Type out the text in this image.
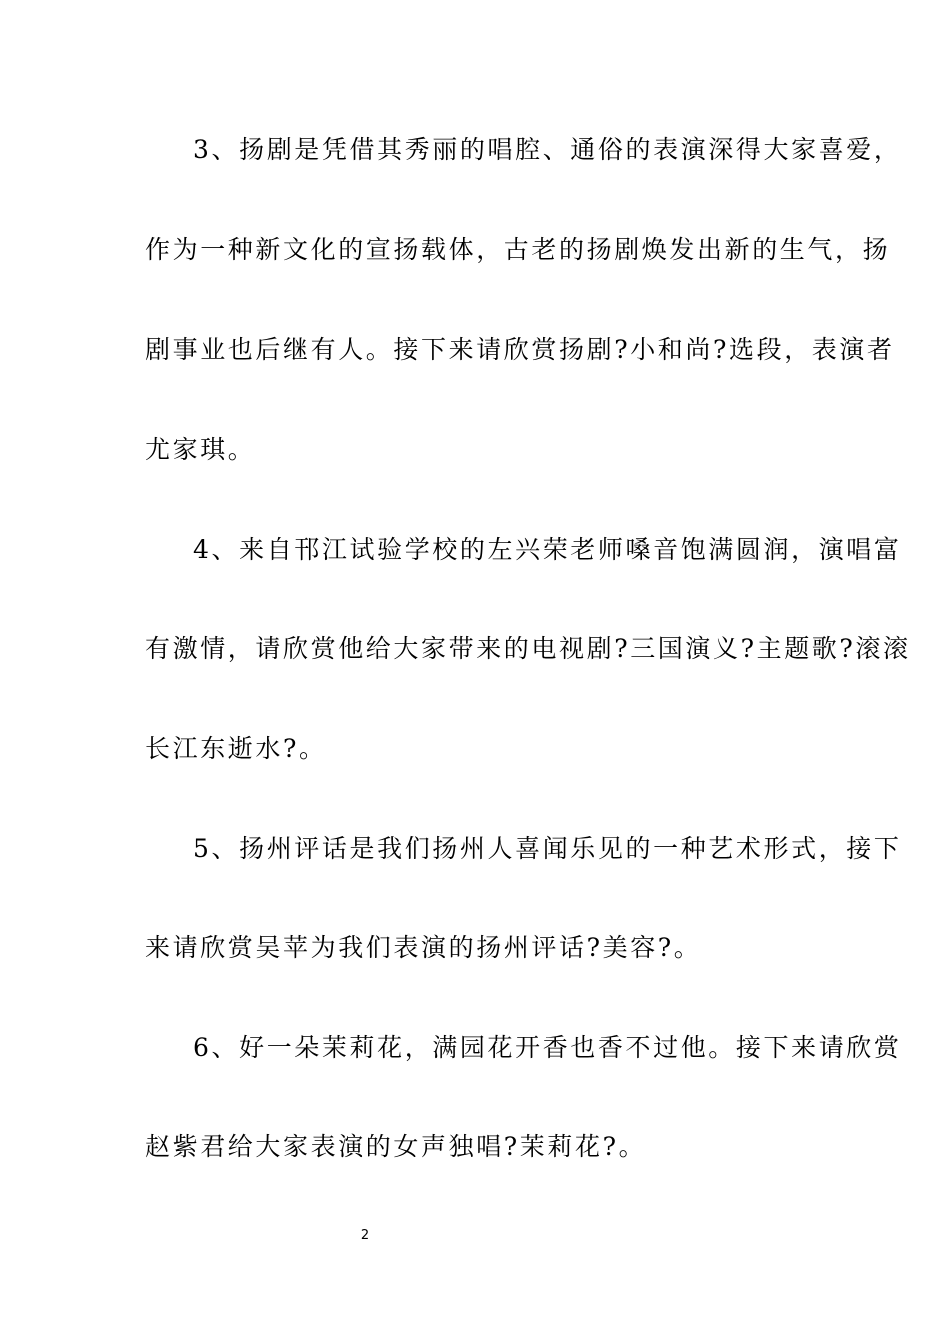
3、扬剧是凭借其秀丽的唱腔、通俗的表演深得大家喜爱，
作为一种新文化的宣扬载体，古老的扬剧焕发出新的生气，扬
剧事业也后继有人。接下来请欣赏扬剧?小和尚?选段，表演者
尤家琪。
4、来自邗江试验学校的左兴荣老师嗓音饱满圆润，演唱富
有激情，请欣赏他给大家带来的电视剧?三国演义?主题歌?滚滚
长江东逝水?。
5、扬州评话是我们扬州人喜闻乐见的一种艺术形式，接下
来请欣赏吴苹为我们表演的扬州评话?美容?。
6、好一朵茉莉花，满园花开香也香不过他。接下来请欣赏
赵紫君给大家表演的女声独唱?茉莉花?。
2
